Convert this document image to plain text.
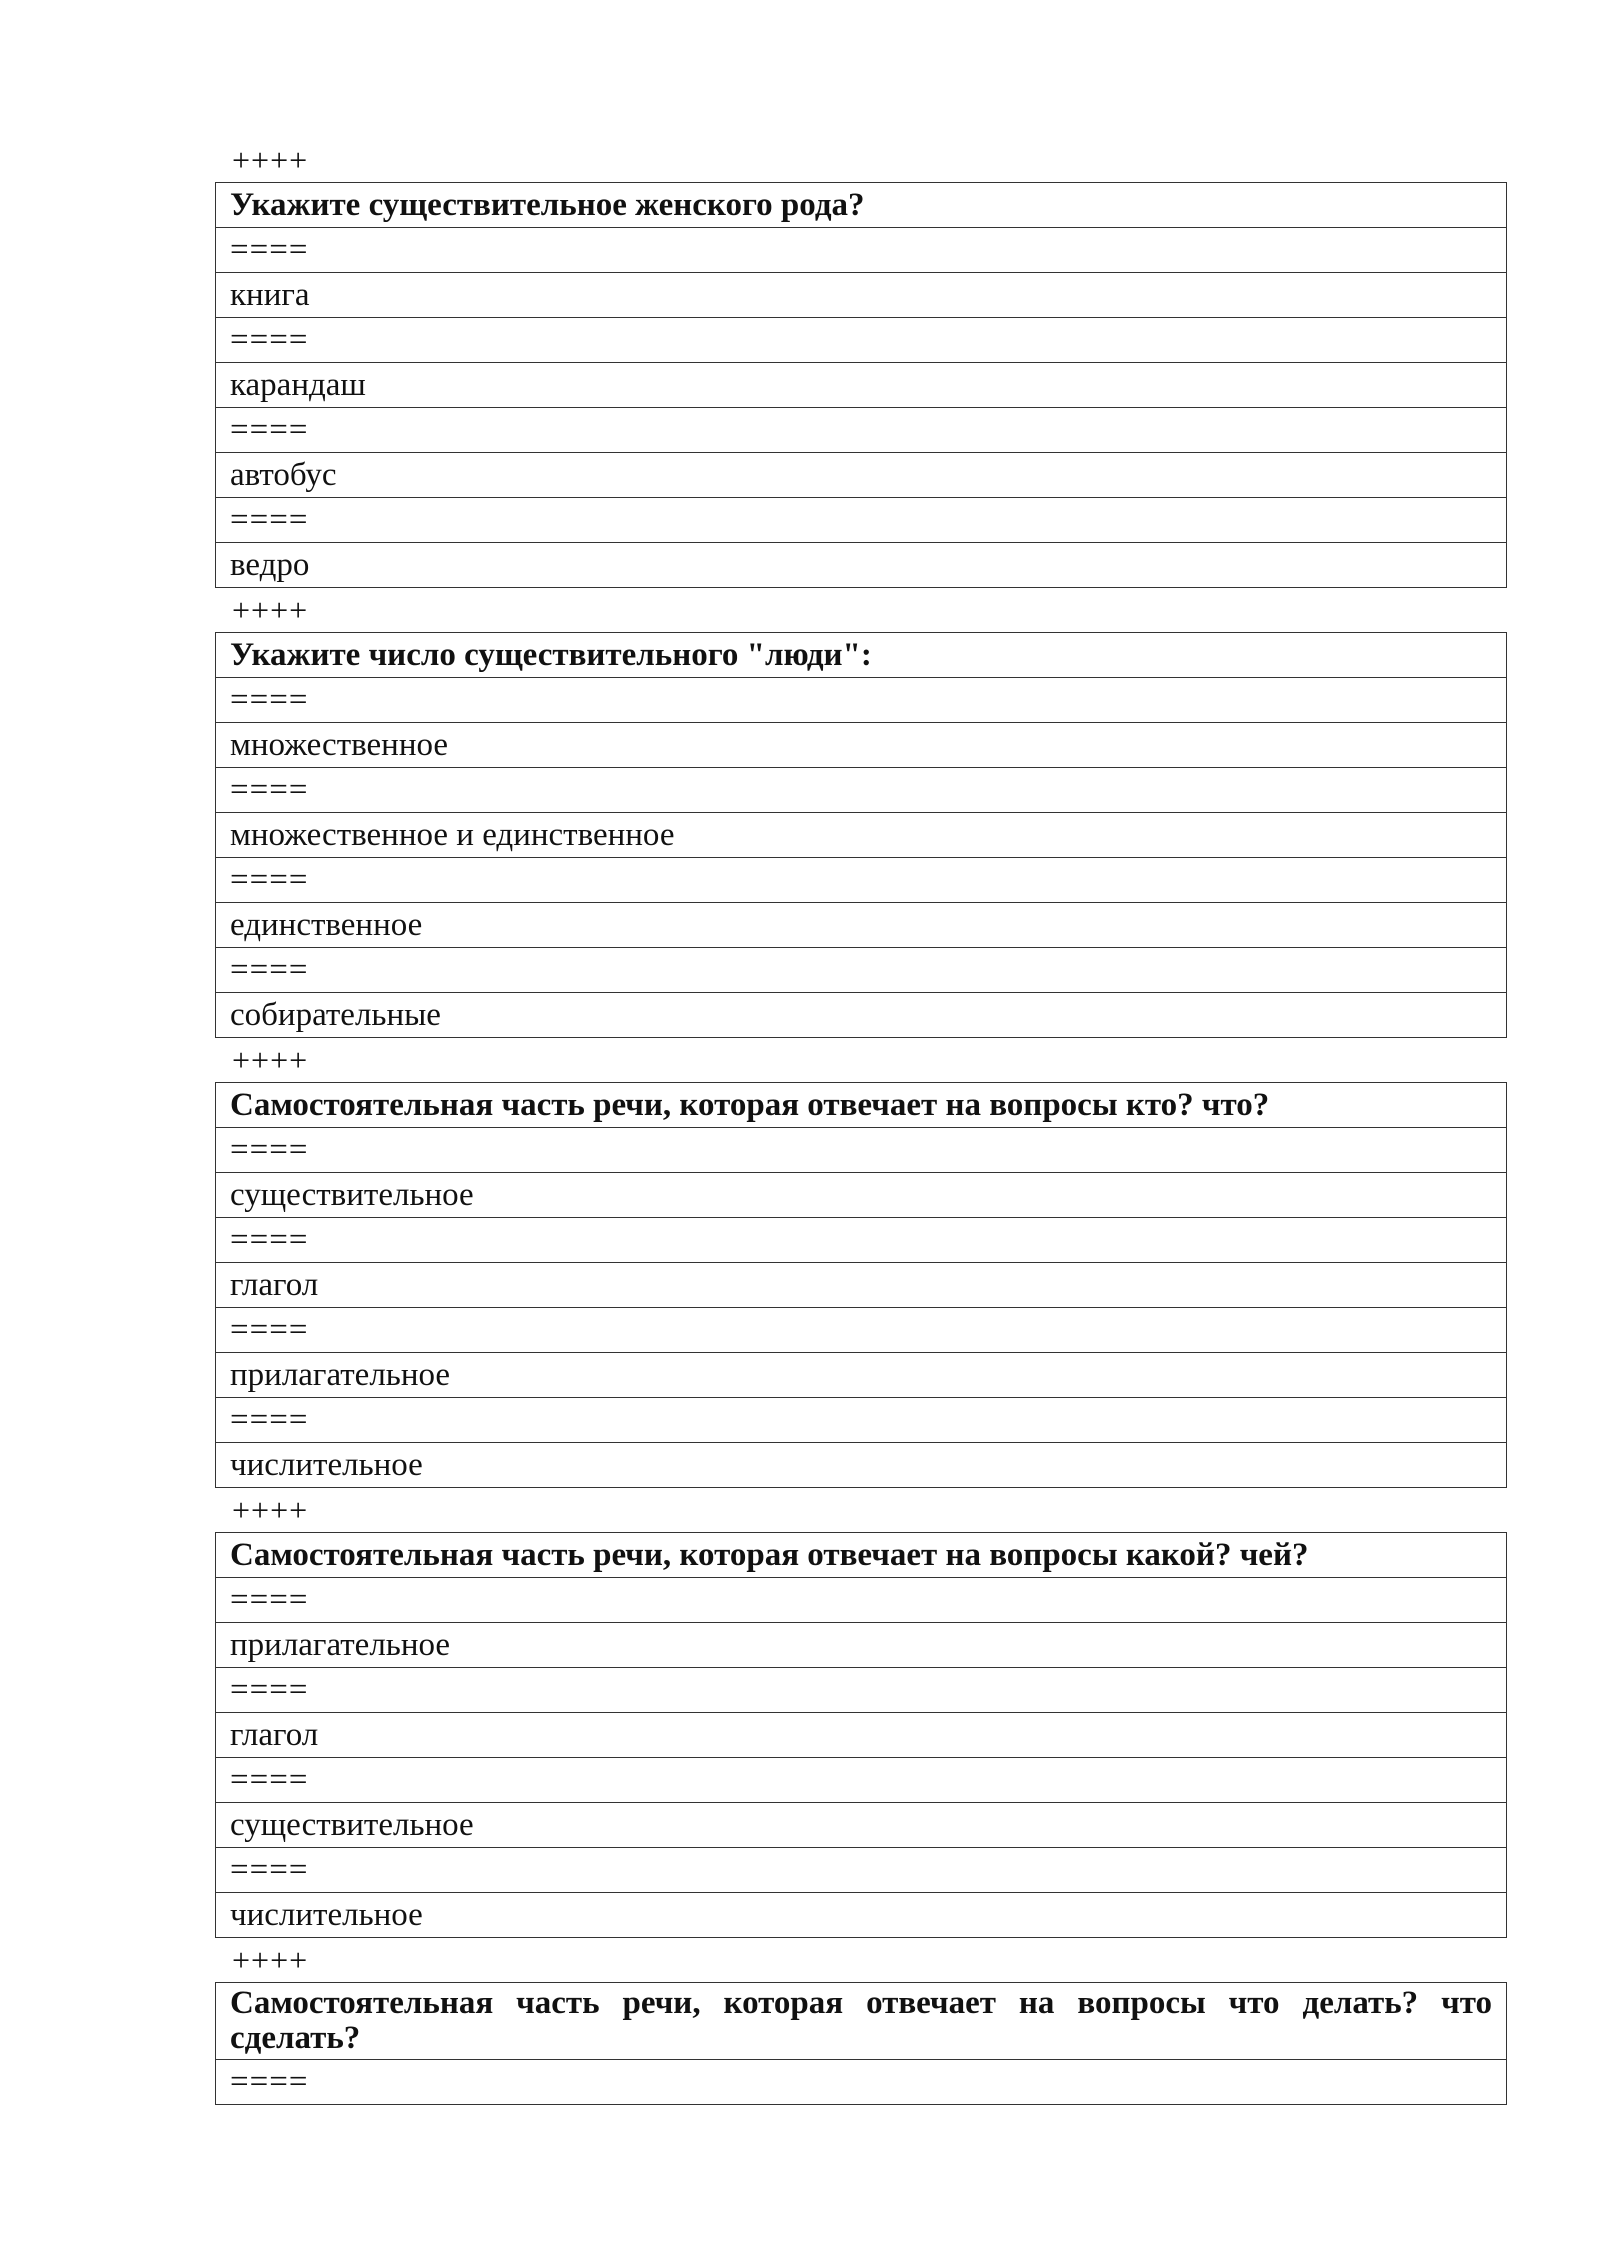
++++
Укажите существительное женского рода?
====
книга
====
карандаш
====
автобус
====
ведро
++++
Укажите число существительного "люди":
====
множественное
====
множественное и единственное
====
единственное
====
собирательные
++++
Самостоятельная часть речи, которая отвечает на вопросы кто? что?
====
существительное
====
глагол
====
прилагательное
====
числительное
++++
Самостоятельная часть речи, которая отвечает на вопросы какой? чей?
====
прилагательное
====
глагол
====
существительное
====
числительное
++++
Самостоятельная часть речи, которая отвечает на вопросы что делать? что сделать?
====
